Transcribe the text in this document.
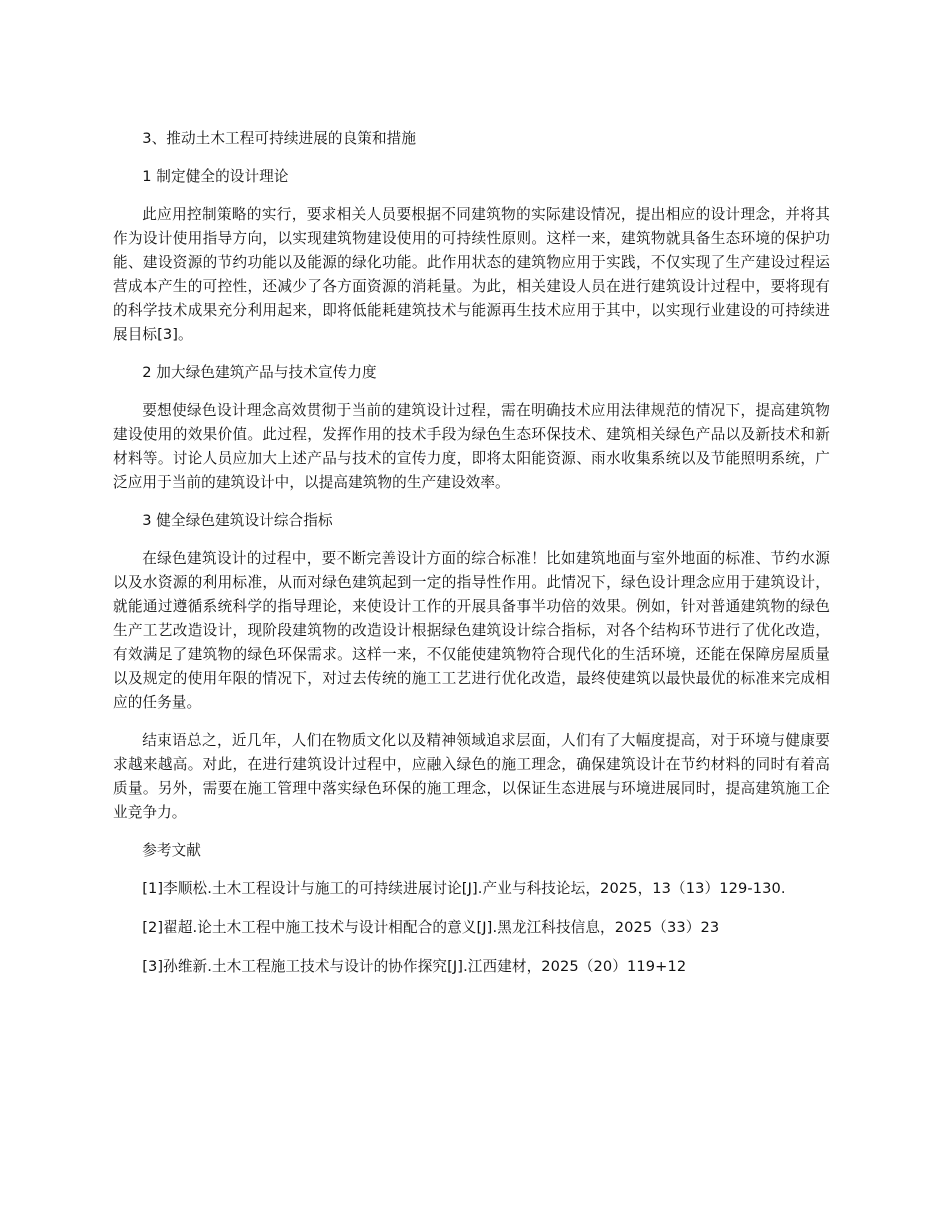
3、推动土木工程可持续进展的良策和措施

1 制定健全的设计理论

此应用控制策略的实行，要求相关人员要根据不同建筑物的实际建设情况，提出相应的设计理念，并将其作为设计使用指导方向，以实现建筑物建设使用的可持续性原则。这样一来，建筑物就具备生态环境的保护功能、建设资源的节约功能以及能源的绿化功能。此作用状态的建筑物应用于实践，不仅实现了生产建设过程运营成本产生的可控性，还减少了各方面资源的消耗量。为此，相关建设人员在进行建筑设计过程中，要将现有的科学技术成果充分利用起来，即将低能耗建筑技术与能源再生技术应用于其中，以实现行业建设的可持续进展目标[3]。

2 加大绿色建筑产品与技术宣传力度

要想使绿色设计理念高效贯彻于当前的建筑设计过程，需在明确技术应用法律规范的情况下，提高建筑物建设使用的效果价值。此过程，发挥作用的技术手段为绿色生态环保技术、建筑相关绿色产品以及新技术和新材料等。讨论人员应加大上述产品与技术的宣传力度，即将太阳能资源、雨水收集系统以及节能照明系统，广泛应用于当前的建筑设计中，以提高建筑物的生产建设效率。

3 健全绿色建筑设计综合指标

在绿色建筑设计的过程中，要不断完善设计方面的综合标准！比如建筑地面与室外地面的标准、节约水源以及水资源的利用标准，从而对绿色建筑起到一定的指导性作用。此情况下，绿色设计理念应用于建筑设计，就能通过遵循系统科学的指导理论，来使设计工作的开展具备事半功倍的效果。例如，针对普通建筑物的绿色生产工艺改造设计，现阶段建筑物的改造设计根据绿色建筑设计综合指标，对各个结构环节进行了优化改造，有效满足了建筑物的绿色环保需求。这样一来，不仅能使建筑物符合现代化的生活环境，还能在保障房屋质量以及规定的使用年限的情况下，对过去传统的施工工艺进行优化改造，最终使建筑以最快最优的标准来完成相应的任务量。

结束语总之，近几年，人们在物质文化以及精神领域追求层面，人们有了大幅度提高，对于环境与健康要求越来越高。对此，在进行建筑设计过程中，应融入绿色的施工理念，确保建筑设计在节约材料的同时有着高质量。另外，需要在施工管理中落实绿色环保的施工理念，以保证生态进展与环境进展同时，提高建筑施工企业竞争力。

参考文献

[1]李顺松.土木工程设计与施工的可持续进展讨论[J].产业与科技论坛，2025，13（13）129-130.

[2]翟超.论土木工程中施工技术与设计相配合的意义[J].黑龙江科技信息，2025（33）23

[3]孙维新.土木工程施工技术与设计的协作探究[J].江西建材，2025（20）119+12
